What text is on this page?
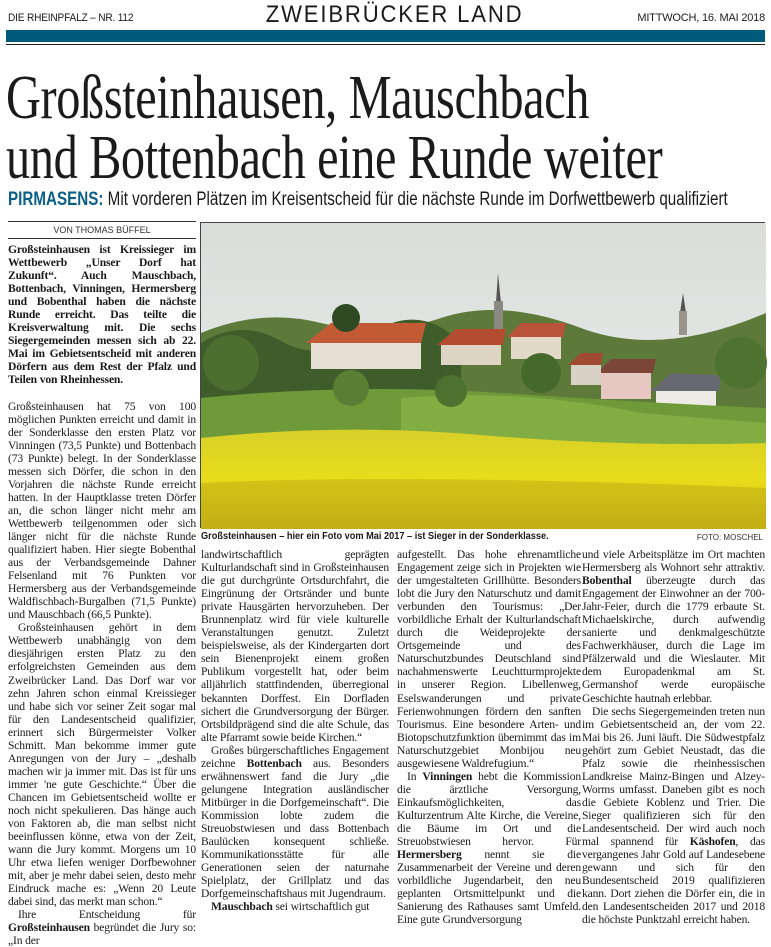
DIE RHEINPFALZ – NR. 112	ZWEIBRÜCKER LAND	MITTWOCH, 16. MAI 2018
Großsteinhausen, Mauschbach
und Bottenbach eine Runde weiter
PIRMASENS: Mit vorderen Plätzen im Kreisentscheid für die nächste Runde im Dorfwettbewerb qualifiziert
VON THOMAS BÜFFEL
Großsteinhausen – hier ein Foto vom Mai 2017 – ist Sieger in der Sonderklasse.	FOTO: MOSCHEL

Großsteinhausen ist Kreissieger im Wettbewerb „Unser Dorf hat Zukunft“. Auch Mauschbach, Bottenbach, Vinningen, Hermersberg und Bobenthal haben die nächste Runde erreicht. Das teilte die Kreisverwaltung mit. Die sechs Siegergemeinden messen sich ab 22. Mai im Gebietsentscheid mit anderen Dörfern aus dem Rest der Pfalz und Teilen von Rheinhessen.

Großsteinhausen hat 75 von 100 möglichen Punkten erreicht und damit in der Sonderklasse den ersten Platz vor Vinningen (73,5 Punkte) und Bottenbach (73 Punkte) belegt. In der Sonderklasse messen sich Dörfer, die schon in den Vorjahren die nächste Runde erreicht hatten. In der Hauptklasse treten Dörfer an, die schon länger nicht mehr am Wettbewerb teilgenommen oder sich länger nicht für die nächste Runde qualifiziert haben. Hier siegte Bobenthal aus der Verbandsgemeinde Dahner Felsenland mit 76 Punkten vor Hermersberg aus der Verbandsgemeinde Waldfischbach-Burgalben (71,5 Punkte) und Mauschbach (66,5 Punkte).

Großsteinhausen gehört in dem Wettbewerb unabhängig von dem diesjährigen ersten Platz zu den erfolgreichsten Gemeinden aus dem Zweibrücker Land. Das Dorf war vor zehn Jahren schon einmal Kreissieger und habe sich vor seiner Zeit sogar mal für den Landesentscheid qualifizier, erinnert sich Bürgermeister Volker Schmitt. Man bekomme immer gute Anregungen von der Jury – „deshalb machen wir ja immer mit. Das ist für uns immer 'ne gute Geschichte.“ Über die Chancen im Gebietsentscheid wollte er noch nicht spekulieren. Das hänge auch von Faktoren ab, die man selbst nicht beeinflussen könne, etwa von der Zeit, wann die Jury kommt. Morgens um 10 Uhr etwa liefen weniger Dorfbewohner mit, aber je mehr dabei seien, desto mehr Eindruck mache es: „Wenn 20 Leute dabei sind, das merkt man schon.“

Ihre Entscheidung für Großsteinhausen begründet die Jury so: „In der

landwirtschaftlich geprägten Kulturlandschaft sind in Großsteinhausen die gut durchgrünte Ortsdurchfahrt, die Eingrünung der Ortsränder und bunte private Hausgärten hervorzuheben. Der Brunnenplatz wird für viele kulturelle Veranstaltungen genutzt. Zuletzt beispielsweise, als der Kindergarten dort sein Bienenprojekt einem großen Publikum vorgestellt hat, oder beim alljährlich stattfindenden, überregional bekannten Dorffest. Ein Dorfladen sichert die Grundversorgung der Bürger. Ortsbildprägend sind die alte Schule, das alte Pfarramt sowie beide Kirchen.“

Großes bürgerschaftliches Engagement zeichne Bottenbach aus. Besonders erwähnenswert fand die Jury „die gelungene Integration ausländischer Mitbürger in die Dorfgemeinschaft“. Die Kommission lobte zudem die Streuobstwiesen und dass Bottenbach Baulücken konsequent schließe. Kommunikationsstätte für alle Generationen seien der naturnahe Spielplatz, der Grillplatz und das Dorfgemeinschaftshaus mit Jugendraum.

Mauschbach sei wirtschaftlich gut

aufgestellt. Das hohe ehrenamtliche Engagement zeige sich in Projekten wie der umgestalteten Grillhütte. Besonders lobt die Jury den Naturschutz und damit verbunden den Tourismus: „Der vorbildliche Erhalt der Kulturlandschaft durch die Weideprojekte der Ortsgemeinde und des Naturschutzbundes Deutschland sind nachahmenswerte Leuchtturmprojekte in unserer Region. Libellenweg, Eselswanderungen und private Ferienwohnungen fördern den sanften Tourismus. Eine besondere Arten- und Biotopschutzfunktion übernimmt das im Naturschutzgebiet Monbijou neu ausgewiesene Waldrefugium.“

In Vinningen hebt die Kommission die ärztliche Versorgung, Einkaufsmöglichkeiten, das Kulturzentrum Alte Kirche, die Vereine, die Bäume im Ort und die Streuobstwiesen hervor. Für Hermersberg nennt sie die Zusammenarbeit der Vereine und deren vorbildliche Jugendarbeit, den neu geplanten Ortsmittelpunkt und die Sanierung des Rathauses samt Umfeld. Eine gute Grundversorgung

und viele Arbeitsplätze im Ort machten Hermersberg als Wohnort sehr attraktiv. Bobenthal überzeugte durch das Engagement der Einwohner an der 700-Jahr-Feier, durch die 1779 erbaute St. Michaelskirche, durch aufwendig sanierte und denkmalgeschützte Fachwerkhäuser, durch die Lage im Pfälzerwald und die Wieslauter. Mit dem Europadenkmal am St. Germanshof werde europäische Geschichte hautnah erlebbar.

Die sechs Siegergemeinden treten nun im Gebietsentscheid an, der vom 22. Mai bis 26. Juni läuft. Die Südwestpfalz gehört zum Gebiet Neustadt, das die Pfalz sowie die rheinhessischen Landkreise Mainz-Bingen und Alzey-Worms umfasst. Daneben gibt es noch die Gebiete Koblenz und Trier. Die Sieger qualifizieren sich für den Landesentscheid. Der wird auch noch mal spannend für Käshofen, das vergangenes Jahr Gold auf Landesebene gewann und sich für den Bundesentscheid 2019 qualifizieren kann. Dort ziehen die Dörfer ein, die in den Landesentscheiden 2017 und 2018 die höchste Punktzahl erreicht haben.
